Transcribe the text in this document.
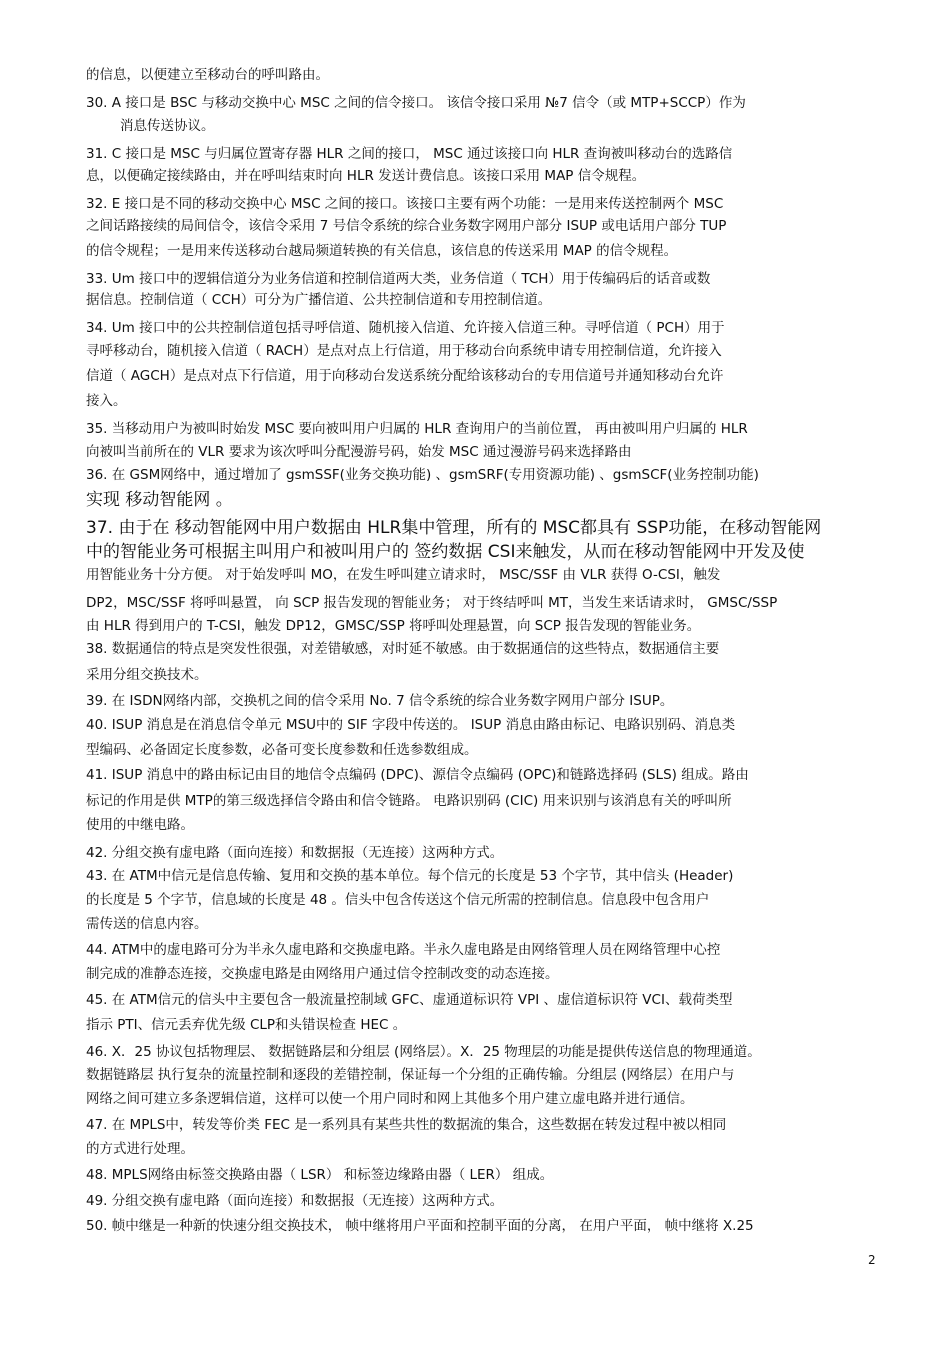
的信息，以便建立至移动台的呼叫路由。
30. A 接口是 BSC 与移动交换中心 MSC 之间的信令接口。 该信令接口采用 №7 信令（或 MTP+SCCP）作为
消息传送协议。
31. C 接口是 MSC 与归属位置寄存器 HLR 之间的接口， MSC 通过该接口向 HLR 查询被叫移动台的选路信
息，以便确定接续路由，并在呼叫结束时向 HLR 发送计费信息。该接口采用 MAP 信令规程。
32. E 接口是不同的移动交换中心 MSC 之间的接口。该接口主要有两个功能：一是用来传送控制两个 MSC
之间话路接续的局间信令，该信令采用 7 号信令系统的综合业务数字网用户部分 ISUP 或电话用户部分 TUP
的信令规程；一是用来传送移动台越局频道转换的有关信息，该信息的传送采用 MAP 的信令规程。
33. Um 接口中的逻辑信道分为业务信道和控制信道两大类，业务信道（ TCH）用于传编码后的话音或数
据信息。控制信道（ CCH）可分为广播信道、公共控制信道和专用控制信道。
34. Um 接口中的公共控制信道包括寻呼信道、随机接入信道、允许接入信道三种。寻呼信道（ PCH）用于
寻呼移动台，随机接入信道（ RACH）是点对点上行信道，用于移动台向系统申请专用控制信道，允许接入
信道（ AGCH）是点对点下行信道，用于向移动台发送系统分配给该移动台的专用信道号并通知移动台允许
接入。
35. 当移动用户为被叫时始发 MSC 要向被叫用户归属的 HLR 查询用户的当前位置， 再由被叫用户归属的 HLR
向被叫当前所在的 VLR 要求为该次呼叫分配漫游号码，始发 MSC 通过漫游号码来选择路由
36. 在 GSM网络中，通过增加了 gsmSSF(业务交换功能) 、gsmSRF(专用资源功能) 、gsmSCF(业务控制功能)
实现 移动智能网 。
37. 由于在 移动智能网中用户数据由 HLR集中管理，所有的 MSC都具有 SSP功能，在移动智能网
中的智能业务可根据主叫用户和被叫用户的 签约数据 CSI来触发，从而在移动智能网中开发及使
用智能业务十分方便。 对于始发呼叫 MO，在发生呼叫建立请求时， MSC/SSF 由 VLR 获得 O-CSI，触发
DP2，MSC/SSF 将呼叫悬置， 向 SCP 报告发现的智能业务； 对于终结呼叫 MT，当发生来话请求时， GMSC/SSP
由 HLR 得到用户的 T-CSI，触发 DP12，GMSC/SSP 将呼叫处理悬置，向 SCP 报告发现的智能业务。
38. 数据通信的特点是突发性很强，对差错敏感，对时延不敏感。由于数据通信的这些特点，数据通信主要
采用分组交换技术。
39. 在 ISDN网络内部，交换机之间的信令采用 No. 7 信令系统的综合业务数字网用户部分 ISUP。
40. ISUP 消息是在消息信令单元 MSU中的 SIF 字段中传送的。 ISUP 消息由路由标记、电路识别码、消息类
型编码、必备固定长度参数，必备可变长度参数和任选参数组成。
41. ISUP 消息中的路由标记由目的地信令点编码 (DPC)、源信令点编码 (OPC)和链路选择码 (SLS) 组成。路由
标记的作用是供 MTP的第三级选择信令路由和信令链路。 电路识别码 (CIC) 用来识别与该消息有关的呼叫所
使用的中继电路。
42. 分组交换有虚电路（面向连接）和数据报（无连接）这两种方式。
43. 在 ATM中信元是信息传输、复用和交换的基本单位。每个信元的长度是 53 个字节，其中信头 (Header)
的长度是 5 个字节，信息域的长度是 48 。信头中包含传送这个信元所需的控制信息。信息段中包含用户
需传送的信息内容。
44. ATM中的虚电路可分为半永久虚电路和交换虚电路。半永久虚电路是由网络管理人员在网络管理中心控
制完成的准静态连接，交换虚电路是由网络用户通过信令控制改变的动态连接。
45. 在 ATM信元的信头中主要包含一般流量控制域 GFC、虚通道标识符 VPI 、虚信道标识符 VCI、载荷类型
指示 PTI、信元丢弃优先级 CLP和头错误检查 HEC 。
46. X．25 协议包括物理层、 数据链路层和分组层 (网络层）。X．25 物理层的功能是提供传送信息的物理通道。
数据链路层 执行复杂的流量控制和逐段的差错控制，保证每一个分组的正确传输。分组层 (网络层）在用户与
网络之间可建立多条逻辑信道，这样可以使一个用户同时和网上其他多个用户建立虚电路并进行通信。
47. 在 MPLS中，转发等价类 FEC 是一系列具有某些共性的数据流的集合，这些数据在转发过程中被以相同
的方式进行处理。
48. MPLS网络由标签交换路由器（ LSR） 和标签边缘路由器（ LER） 组成。
49. 分组交换有虚电路（面向连接）和数据报（无连接）这两种方式。
50. 帧中继是一种新的快速分组交换技术， 帧中继将用户平面和控制平面的分离， 在用户平面， 帧中继将 X.25
2
